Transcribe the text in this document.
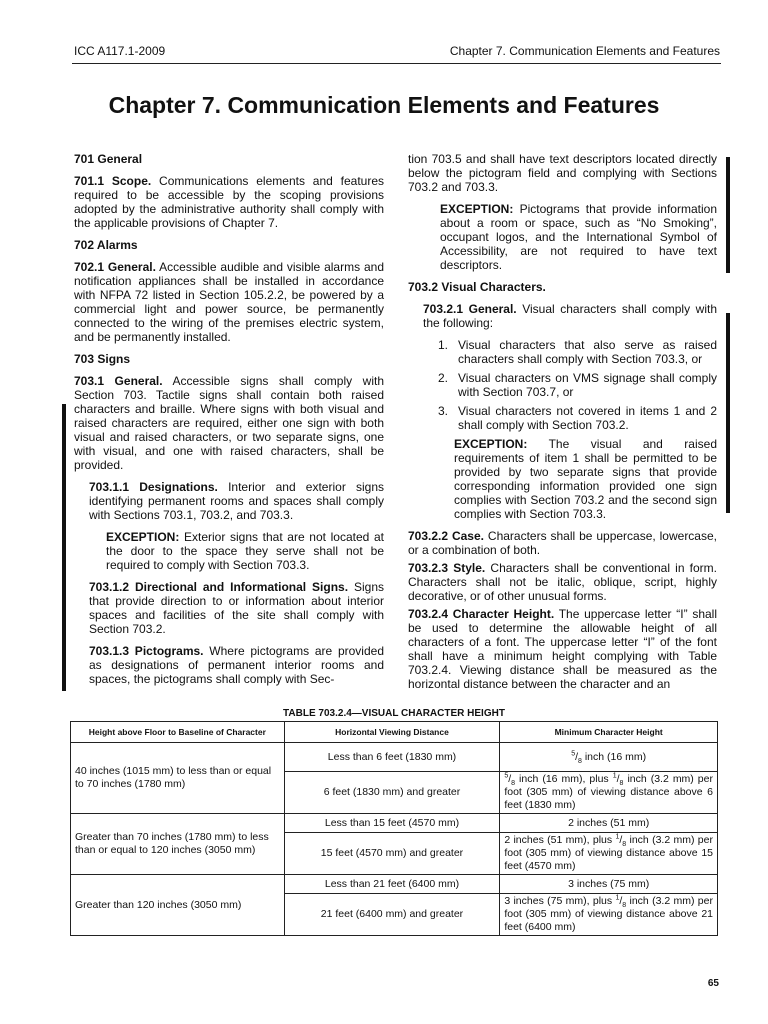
ICC A117.1-2009	Chapter 7. Communication Elements and Features
Chapter 7. Communication Elements and Features
701 General

701.1 Scope. Communications elements and features required to be accessible by the scoping provisions adopted by the administrative authority shall comply with the applicable provisions of Chapter 7.

702 Alarms

702.1 General. Accessible audible and visible alarms and notification appliances shall be installed in accordance with NFPA 72 listed in Section 105.2.2, be powered by a commercial light and power source, be permanently connected to the wiring of the premises electric system, and be permanently installed.

703 Signs

703.1 General. Accessible signs shall comply with Section 703. Tactile signs shall contain both raised characters and braille. Where signs with both visual and raised characters are required, either one sign with both visual and raised characters, or two separate signs, one with visual, and one with raised characters, shall be provided.

703.1.1 Designations. Interior and exterior signs identifying permanent rooms and spaces shall comply with Sections 703.1, 703.2, and 703.3.

EXCEPTION: Exterior signs that are not located at the door to the space they serve shall not be required to comply with Section 703.3.

703.1.2 Directional and Informational Signs. Signs that provide direction to or information about interior spaces and facilities of the site shall comply with Section 703.2.

703.1.3 Pictograms. Where pictograms are provided as designations of permanent interior rooms and spaces, the pictograms shall comply with Sec-

tion 703.5 and shall have text descriptors located directly below the pictogram field and complying with Sections 703.2 and 703.3.

EXCEPTION: Pictograms that provide information about a room or space, such as “No Smoking”, occupant logos, and the International Symbol of Accessibility, are not required to have text descriptors.

703.2 Visual Characters.

703.2.1 General. Visual characters shall comply with the following:

1. Visual characters that also serve as raised characters shall comply with Section 703.3, or
2. Visual characters on VMS signage shall comply with Section 703.7, or
3. Visual characters not covered in items 1 and 2 shall comply with Section 703.2.

EXCEPTION: The visual and raised requirements of item 1 shall be permitted to be provided by two separate signs that provide corresponding information provided one sign complies with Section 703.2 and the second sign complies with Section 703.3.

703.2.2 Case. Characters shall be uppercase, lowercase, or a combination of both.

703.2.3 Style. Characters shall be conventional in form. Characters shall not be italic, oblique, script, highly decorative, or of other unusual forms.

703.2.4 Character Height. The uppercase letter “I” shall be used to determine the allowable height of all characters of a font. The uppercase letter “I” of the font shall have a minimum height complying with Table 703.2.4. Viewing distance shall be measured as the horizontal distance between the character and an

TABLE 703.2.4—VISUAL CHARACTER HEIGHT
Height above Floor to Baseline of Character	Horizontal Viewing Distance	Minimum Character Height
40 inches (1015 mm) to less than or equal to 70 inches (1780 mm)	Less than 6 feet (1830 mm)	$^5/_8$ inch (16 mm)
	6 feet (1830 mm) and greater	$^5/_8$ inch (16 mm), plus $^1/_8$ inch (3.2 mm) per foot (305 mm) of viewing distance above 6 feet (1830 mm)
Greater than 70 inches (1780 mm) to less than or equal to 120 inches (3050 mm)	Less than 15 feet (4570 mm)	2 inches (51 mm)
	15 feet (4570 mm) and greater	2 inches (51 mm), plus $^1/_8$ inch (3.2 mm) per foot (305 mm) of viewing distance above 15 feet (4570 mm)
Greater than 120 inches (3050 mm)	Less than 21 feet (6400 mm)	3 inches (75 mm)
	21 feet (6400 mm) and greater	3 inches (75 mm), plus $^1/_8$ inch (3.2 mm) per foot (305 mm) of viewing distance above 21 feet (6400 mm)
65
